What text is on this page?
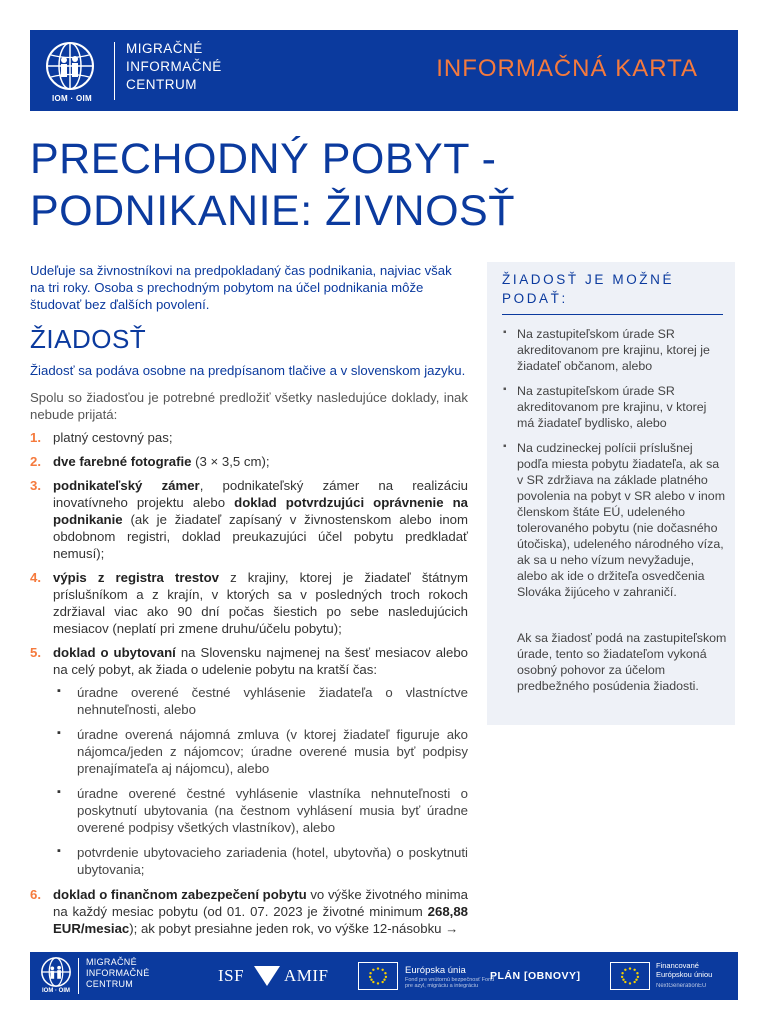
IOM · OIM
MIGRAČNÉ
INFORMAČNÉ
CENTRUM
INFORMAČNÁ KARTA
PRECHODNÝ POBYT -
PODNIKANIE: ŽIVNOSŤ

Udeľuje sa živnostníkovi na predpokladaný čas podnikania, najviac však na tri roky. Osoba s prechodným pobytom na účel podnikania môže študovať bez ďalších povolení.

ŽIADOSŤ

Žiadosť sa podáva osobne na predpísanom tlačive a v slovenskom jazyku.

Spolu so žiadosťou je potrebné predložiť všetky nasledujúce doklady, inak nebude prijatá:

1. platný cestovný pas;
2. dve farebné fotografie (3 × 3,5 cm);
3. podnikateľský zámer, podnikateľský zámer na realizáciu inovatívneho projektu alebo doklad potvrdzujúci oprávnenie na podnikanie (ak je žiadateľ zapísaný v živnostenskom alebo inom obdobnom registri, doklad preukazujúci účel pobytu predkladať nemusí);
4. výpis z registra trestov z krajiny, ktorej je žiadateľ štátnym príslušníkom a z krajín, v ktorých sa v posledných troch rokoch zdržiaval viac ako 90 dní počas šiestich po sebe nasledujúcich mesiacov (neplatí pri zmene druhu/účelu pobytu);
5. doklad o ubytovaní na Slovensku najmenej na šesť mesiacov alebo na celý pobyt, ak žiada o udelenie pobytu na kratší čas:
▪ úradne overené čestné vyhlásenie žiadateľa o vlastníctve nehnuteľnosti, alebo
▪ úradne overená nájomná zmluva (v ktorej žiadateľ figuruje ako nájomca/jeden z nájomcov; úradne overené musia byť podpisy prenajímateľa aj nájomcu), alebo
▪ úradne overené čestné vyhlásenie vlastníka nehnuteľnosti o poskytnutí ubytovania (na čestnom vyhlásení musia byť úradne overené podpisy všetkých vlastníkov), alebo
▪ potvrdenie ubytovacieho zariadenia (hotel, ubytovňa) o poskytnuti ubytovania;
6. doklad o finančnom zabezpečení pobytu vo výške životného minima na každý mesiac pobytu (od 01. 07. 2023 je životné minimum 268,88 EUR/mesiac); ak pobyt presiahne jeden rok, vo výške 12-násobku →
ŽIADOSŤ JE MOŽNÉ PODAŤ:
▪ Na zastupiteľskom úrade SR akreditovanom pre krajinu, ktorej je žiadateľ občanom, alebo
▪ Na zastupiteľskom úrade SR akreditovanom pre krajinu, v ktorej má žiadateľ bydlisko, alebo
▪ Na cudzineckej polícii príslušnej podľa miesta pobytu žiadateľa, ak sa v SR zdržiava na základe platného povolenia na pobyt v SR alebo v inom členskom štáte EÚ, udeleného tolerovaného pobytu (nie dočasného útočiska), udeleného národného víza, ak sa u neho vízum nevyžaduje, alebo ak ide o držiteľa osvedčenia Slováka žijúceho v zahraničí.
Ak sa žiadosť podá na zastupiteľskom úrade, tento so žiadateľom vykoná osobný pohovor za účelom predbežného posúdenia žiadosti.
IOM · OIM
MIGRAČNÉ
INFORMAČNÉ
CENTRUM	ISF AMIF	Európska únia
Fond pre vnútornú bezpečnosť Fond pre azyl, migráciu a integráciu
PLÁN [OBNOVY]
Financované
Európskou úniou
NextGenerationEU
